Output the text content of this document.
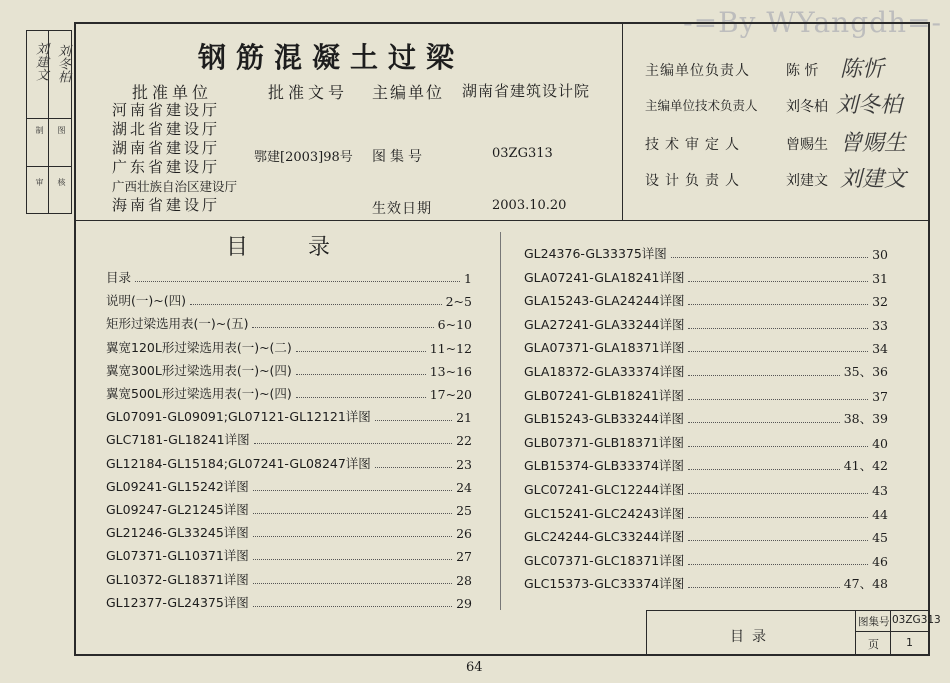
-=By WYangdh=-
刘建文 刘冬柏
制 图
审 核
钢筋混凝土过梁
批准单位	批准文号 主编单位 湖南省建筑设计院
河南省建设厅
湖北省建设厅
湖南省建设厅
广东省建设厅
广西壮族自治区建设厅
海南省建设厅
鄂建[2003]98号 图集号	03ZG313
生效日期	2003.10.20
主编单位负责人	陈 忻 陈忻
主编单位技术负责人 刘冬柏 刘冬柏
技术审定人	曾赐生 曾赐生
设计负责人	刘建文 刘建文
目录
目录	1
说明(一)~(四)	2~5
矩形过梁选用表(一)~(五)	6~10
翼宽120L形过梁选用表(一)~(二)	11~12
翼宽300L形过梁选用表(一)~(四)	13~16
翼宽500L形过梁选用表(一)~(四)	17~20
GL07091-GL09091;GL07121-GL12121详图	21
GLC7181-GL18241详图	22
GL12184-GL15184;GL07241-GL08247详图	23
GL09241-GL15242详图	24
GL09247-GL21245详图	25
GL21246-GL33245详图	26
GL07371-GL10371详图	27
GL10372-GL18371详图	28
GL12377-GL24375详图	29
GL24376-GL33375详图	30
GLA07241-GLA18241详图	31
GLA15243-GLA24244详图	32
GLA27241-GLA33244详图	33
GLA07371-GLA18371详图	34
GLA18372-GLA33374详图	35、36
GLB07241-GLB18241详图	37
GLB15243-GLB33244详图	38、39
GLB07371-GLB18371详图	40
GLB15374-GLB33374详图	41、42
GLC07241-GLC12244详图	43
GLC15241-GLC24243详图	44
GLC24244-GLC33244详图	45
GLC07371-GLC18371详图	46
GLC15373-GLC33374详图	47、48
目录
图集号 03ZG313
页 1
64
